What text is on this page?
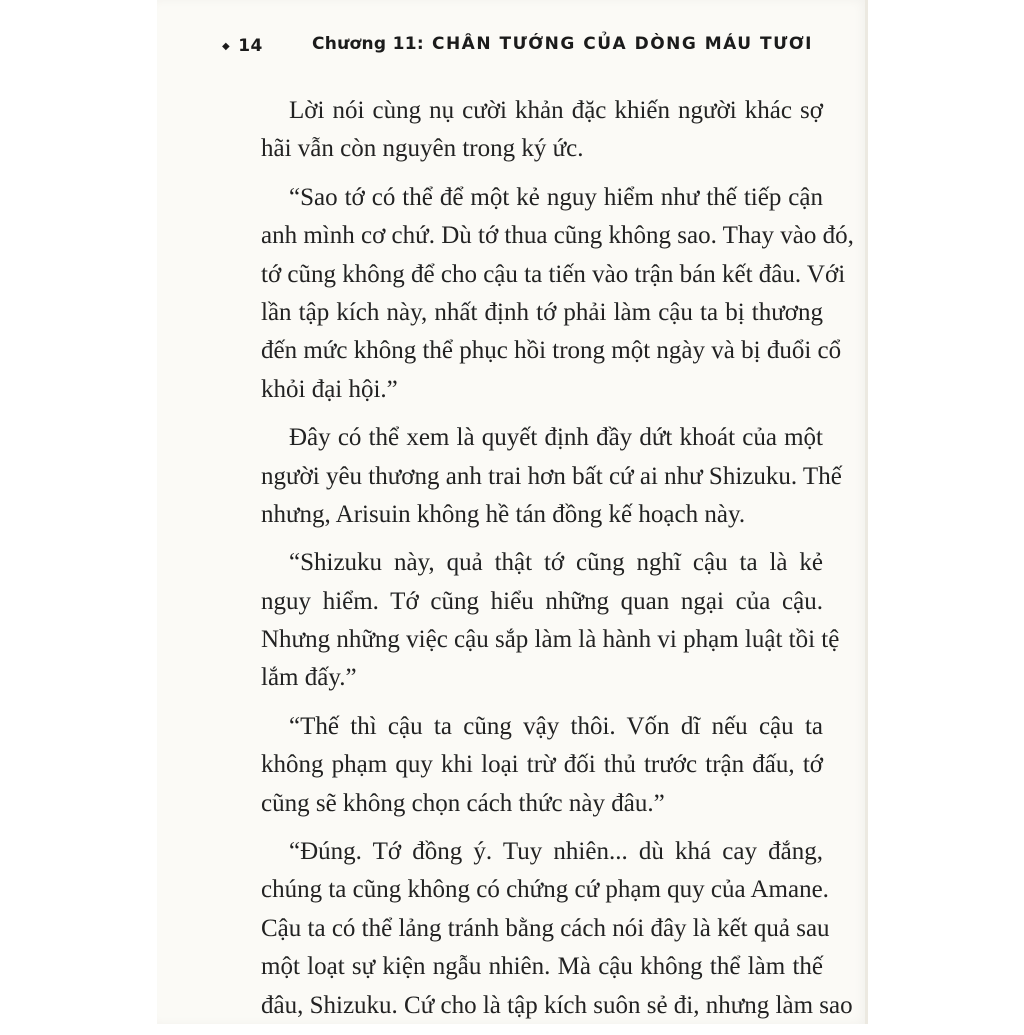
◆ 14	Chương 11: CHÂN TƯỚNG CỦA DÒNG MÁU TƯƠI
Lời nói cùng nụ cười khản đặc khiến người khác sợ
hãi vẫn còn nguyên trong ký ức.
“Sao tớ có thể để một kẻ nguy hiểm như thế tiếp cận
anh mình cơ chứ. Dù tớ thua cũng không sao. Thay vào đó,
tớ cũng không để cho cậu ta tiến vào trận bán kết đâu. Với
lần tập kích này, nhất định tớ phải làm cậu ta bị thương
đến mức không thể phục hồi trong một ngày và bị đuổi cổ
khỏi đại hội.”
Đây có thể xem là quyết định đầy dứt khoát của một
người yêu thương anh trai hơn bất cứ ai như Shizuku. Thế
nhưng, Arisuin không hề tán đồng kế hoạch này.
“Shizuku này, quả thật tớ cũng nghĩ cậu ta là kẻ
nguy hiểm. Tớ cũng hiểu những quan ngại của cậu.
Nhưng những việc cậu sắp làm là hành vi phạm luật tồi tệ
lắm đấy.”
“Thế thì cậu ta cũng vậy thôi. Vốn dĩ nếu cậu ta
không phạm quy khi loại trừ đối thủ trước trận đấu, tớ
cũng sẽ không chọn cách thức này đâu.”
“Đúng. Tớ đồng ý. Tuy nhiên... dù khá cay đắng,
chúng ta cũng không có chứng cứ phạm quy của Amane.
Cậu ta có thể lảng tránh bằng cách nói đây là kết quả sau
một loạt sự kiện ngẫu nhiên. Mà cậu không thể làm thế
đâu, Shizuku. Cứ cho là tập kích suôn sẻ đi, nhưng làm sao
